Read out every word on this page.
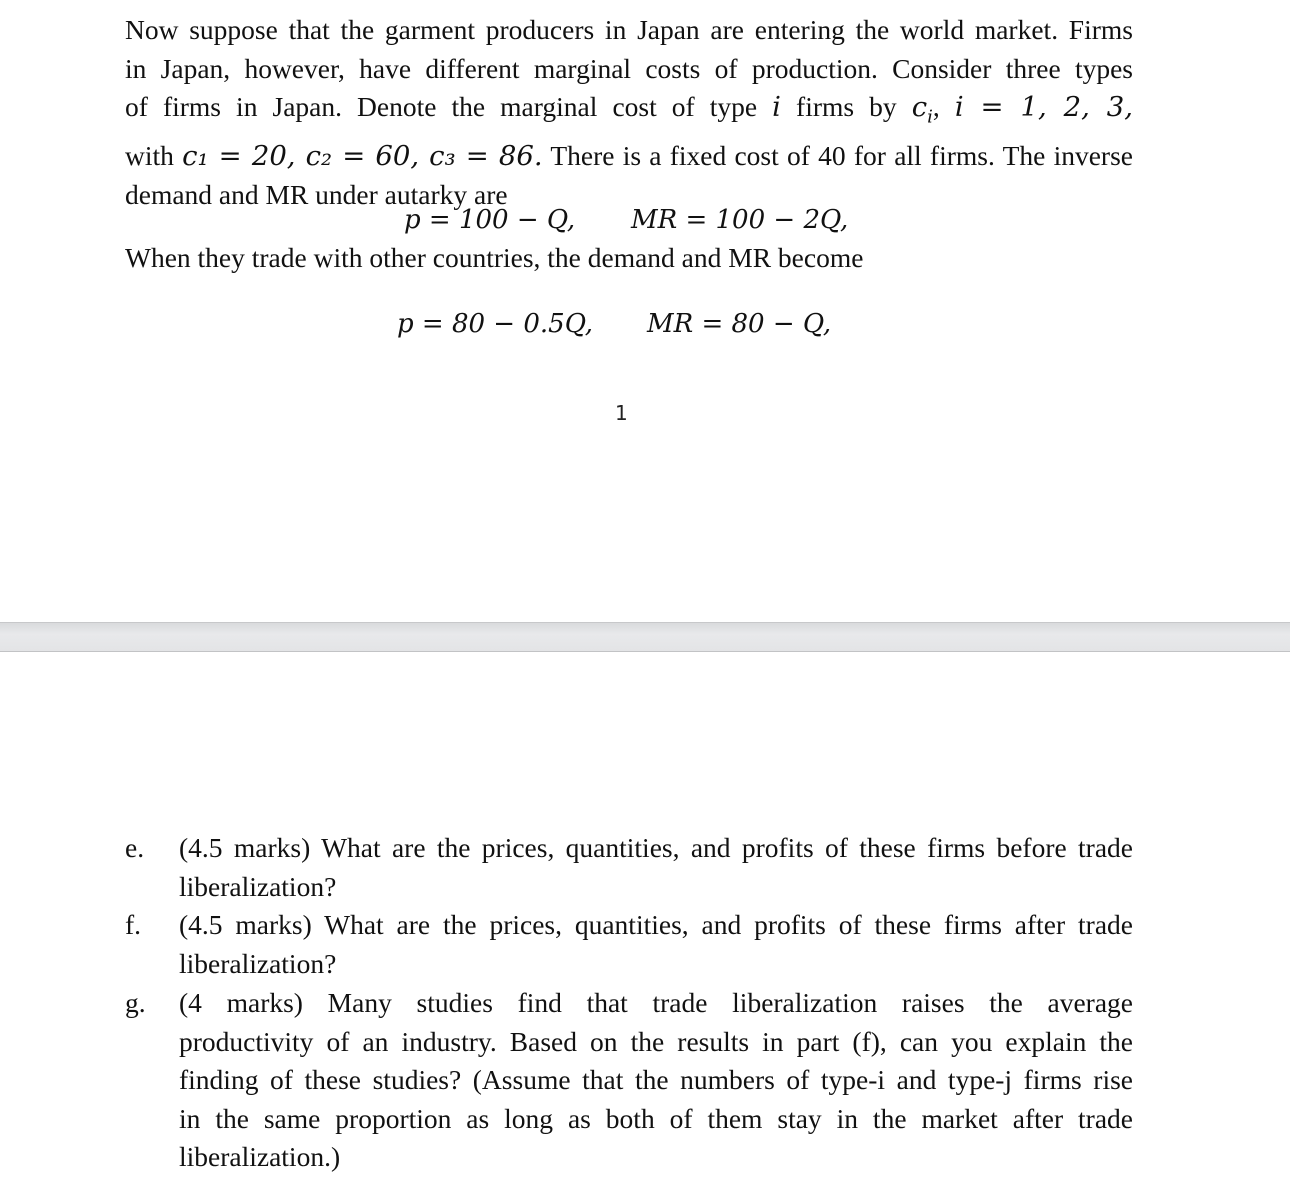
Now suppose that the garment producers in Japan are entering the world market. Firms
in Japan, however, have different marginal costs of production. Consider three types
of firms in Japan. Denote the marginal cost of type i firms by $c_i$, i = 1, 2, 3,
with c₁ = 20, c₂ = 60, c₃ = 86. There is a fixed cost of 40 for all firms. The inverse
demand and MR under autarky are
p = 100 − Q, MR = 100 − 2Q,
When they trade with other countries, the demand and MR become
p = 80 − 0.5Q, MR = 80 − Q,
1
e. (4.5 marks) What are the prices, quantities, and profits of these firms before trade
liberalization?
f. (4.5 marks) What are the prices, quantities, and profits of these firms after trade
liberalization?
g. (4 marks) Many studies find that trade liberalization raises the average
productivity of an industry. Based on the results in part (f), can you explain the
finding of these studies? (Assume that the numbers of type-i and type-j firms rise
in the same proportion as long as both of them stay in the market after trade
liberalization.)
